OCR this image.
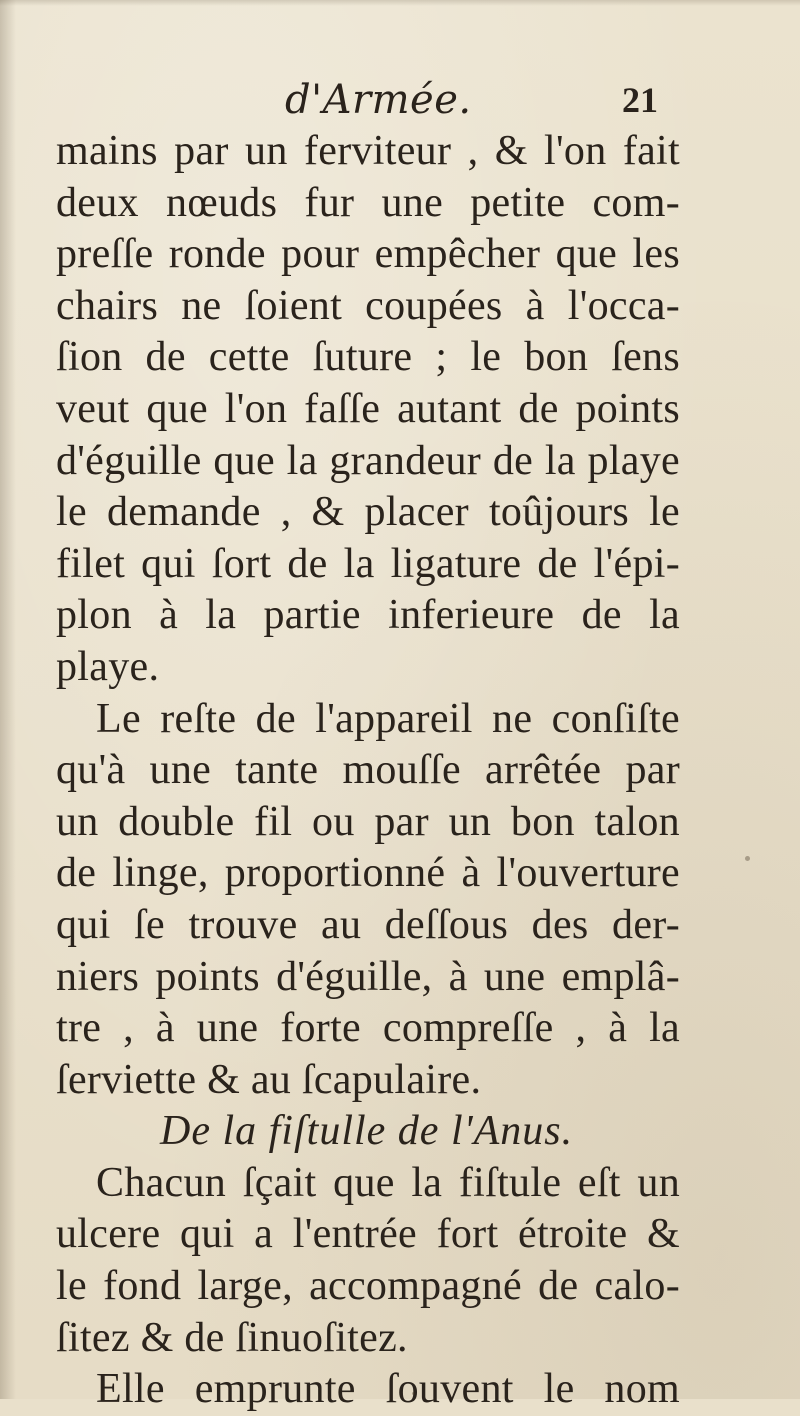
d'Armée.	21
mains par un ferviteur , & l'on fait
deux nœuds fur une petite com-
preſſe ronde pour empêcher que les
chairs ne ſoient coupées à l'occa-
ſion de cette ſuture ; le bon ſens
veut que l'on faſſe autant de points
d'éguille que la grandeur de la playe
le demande , & placer toûjours le
filet qui ſort de la ligature de l'épi-
plon à la partie inferieure de la
playe.
Le reſte de l'appareil ne conſiſte
qu'à une tante mouſſe arrêtée par
un double fil ou par un bon talon
de linge, proportionné à l'ouverture
qui ſe trouve au deſſous des der-
niers points d'éguille, à une emplâ-
tre , à une forte compreſſe , à la
ſerviette & au ſcapulaire.
De la fiſtulle de l'Anus.
Chacun ſçait que la fiſtule eſt un
ulcere qui a l'entrée fort étroite &
le fond large, accompagné de calo-
ſitez & de ſinuoſitez.
Elle emprunte ſouvent le nom
